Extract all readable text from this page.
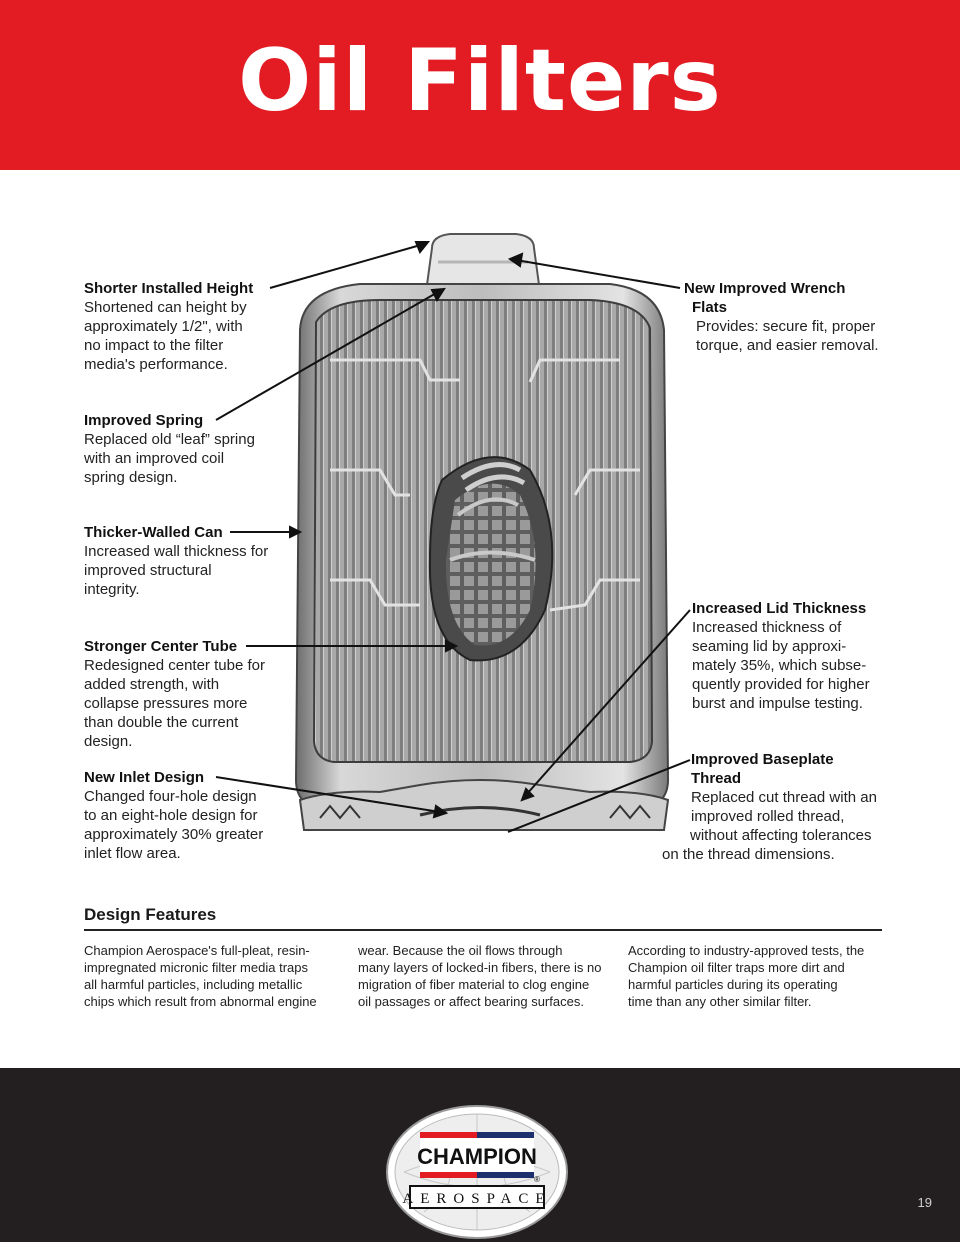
Oil Filters
Shorter Installed Height
Shortened can height by
approximately 1/2", with
no impact to the filter
media's performance.
New Improved Wrench
Flats
Provides: secure fit, proper
torque, and easier removal.
Improved Spring
Replaced old “leaf” spring
with an improved coil
spring design.
Thicker-Walled Can
Increased wall thickness for
improved structural
integrity.
Increased Lid Thickness
Increased thickness of
seaming lid by approxi-
mately 35%, which subse-
quently provided for higher
burst and impulse testing.
Stronger Center Tube
Redesigned center tube for
added strength, with
collapse pressures more
than double the current
design.
Improved Baseplate
Thread
Replaced cut thread with an
improved rolled thread,
without affecting tolerances
on the thread dimensions.
New Inlet Design
Changed four-hole design
to an eight-hole design for
approximately 30% greater
inlet flow area.
Design Features
Champion Aerospace's full-pleat, resin-
impregnated micronic filter media traps
all harmful particles, including metallic
chips which result from abnormal engine
wear. Because the oil flows through
many layers of locked-in fibers, there is no
migration of fiber material to clog engine
oil passages or affect bearing surfaces.
According to industry-approved tests, the
Champion oil filter traps more dirt and
harmful particles during its operating
time than any other similar filter.
CHAMPION
®
AEROSPACE	19
